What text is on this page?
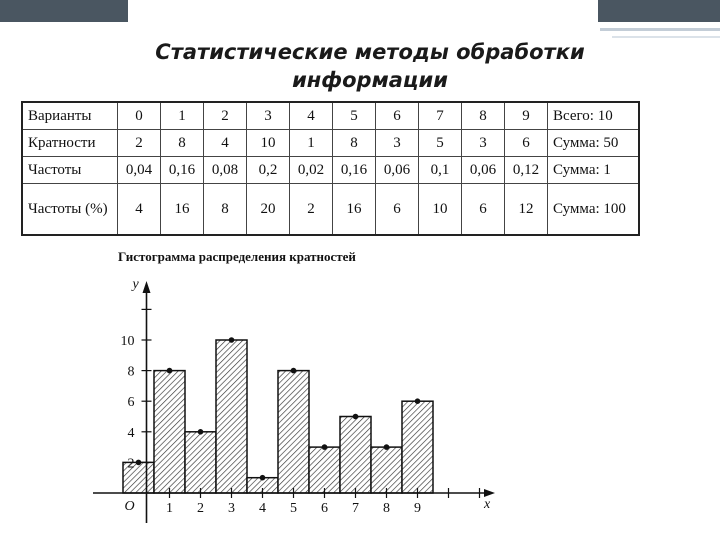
Статистические методы обработки
информации
Варианты	0	1	2	3	4	5	6	7	8	9	Всего: 10
Кратности	2	8	4	10	1	8	3	5	3	6	Сумма: 50
Частоты	0,04	0,16	0,08	0,2	0,02	0,16	0,06	0,1	0,06	0,12	Сумма: 1
Частоты (%)	4	16	8	20	2	16	6	10	6	12	Сумма: 100
Гистограмма распределения кратностей
1 2 3 4 5 6 7 8 9
2
4
6
8
10
O	x
y
